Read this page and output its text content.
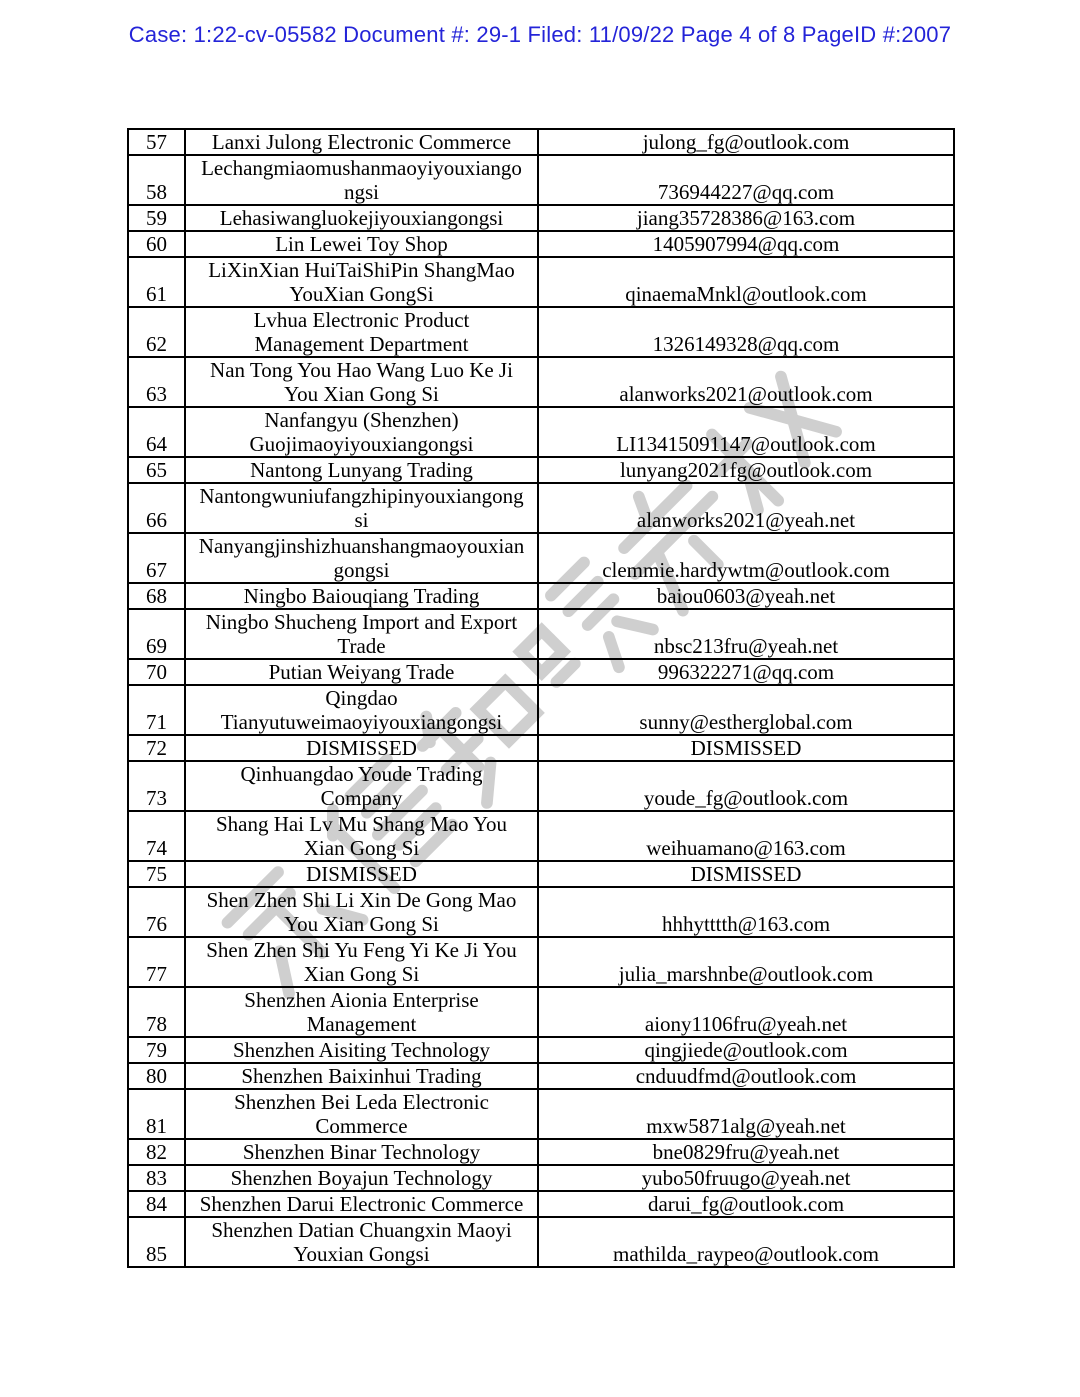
Case: 1:22-cv-05582 Document #: 29-1 Filed: 11/09/22 Page 4 of 8 PageID #:2007
57	Lanxi Julong Electronic Commerce	julong_fg@outlook.com
58	Lechangmiaomushanmaoyiyouxiangongsi	736944227@qq.com
59	Lehasiwangluokejiyouxiangongsi	jiang35728386@163.com
60	Lin Lewei Toy Shop	1405907994@qq.com
61	LiXinXian HuiTaiShiPin ShangMao YouXian GongSi	qinaemaMnkl@outlook.com
62	Lvhua Electronic Product Management Department	1326149328@qq.com
63	Nan Tong You Hao Wang Luo Ke Ji You Xian Gong Si	alanworks2021@outlook.com
64	Nanfangyu (Shenzhen) Guojimaoyiyouxiangongsi	LI13415091147@outlook.com
65	Nantong Lunyang Trading	lunyang2021fg@outlook.com
66	Nantongwuniufangzhipinyouxiangongsi	alanworks2021@yeah.net
67	Nanyangjinshizhuanshangmaoyouxiangongsi	clemmie.hardywtm@outlook.com
68	Ningbo Baiouqiang Trading	baiou0603@yeah.net
69	Ningbo Shucheng Import and Export Trade	nbsc213fru@yeah.net
70	Putian Weiyang Trade	996322271@qq.com
71	Qingdao Tianyutuweimaoyiyouxiangongsi	sunny@estherglobal.com
72	DISMISSED	DISMISSED
73	Qinhuangdao Youde Trading Company	youde_fg@outlook.com
74	Shang Hai Lv Mu Shang Mao You Xian Gong Si	weihuamano@163.com
75	DISMISSED	DISMISSED
76	Shen Zhen Shi Li Xin De Gong Mao You Xian Gong Si	hhhytttth@163.com
77	Shen Zhen Shi Yu Feng Yi Ke Ji You Xian Gong Si	julia_marshnbe@outlook.com
78	Shenzhen Aionia Enterprise Management	aiony1106fru@yeah.net
79	Shenzhen Aisiting Technology	qingjiede@outlook.com
80	Shenzhen Baixinhui Trading	cnduudfmd@outlook.com
81	Shenzhen Bei Leda Electronic Commerce	mxw5871alg@yeah.net
82	Shenzhen Binar Technology	bne0829fru@yeah.net
83	Shenzhen Boyajun Technology	yubo50fruugo@yeah.net
84	Shenzhen Darui Electronic Commerce	darui_fg@outlook.com
85	Shenzhen Datian Chuangxin Maoyi Youxian Gongsi	mathilda_raypeo@outlook.com
